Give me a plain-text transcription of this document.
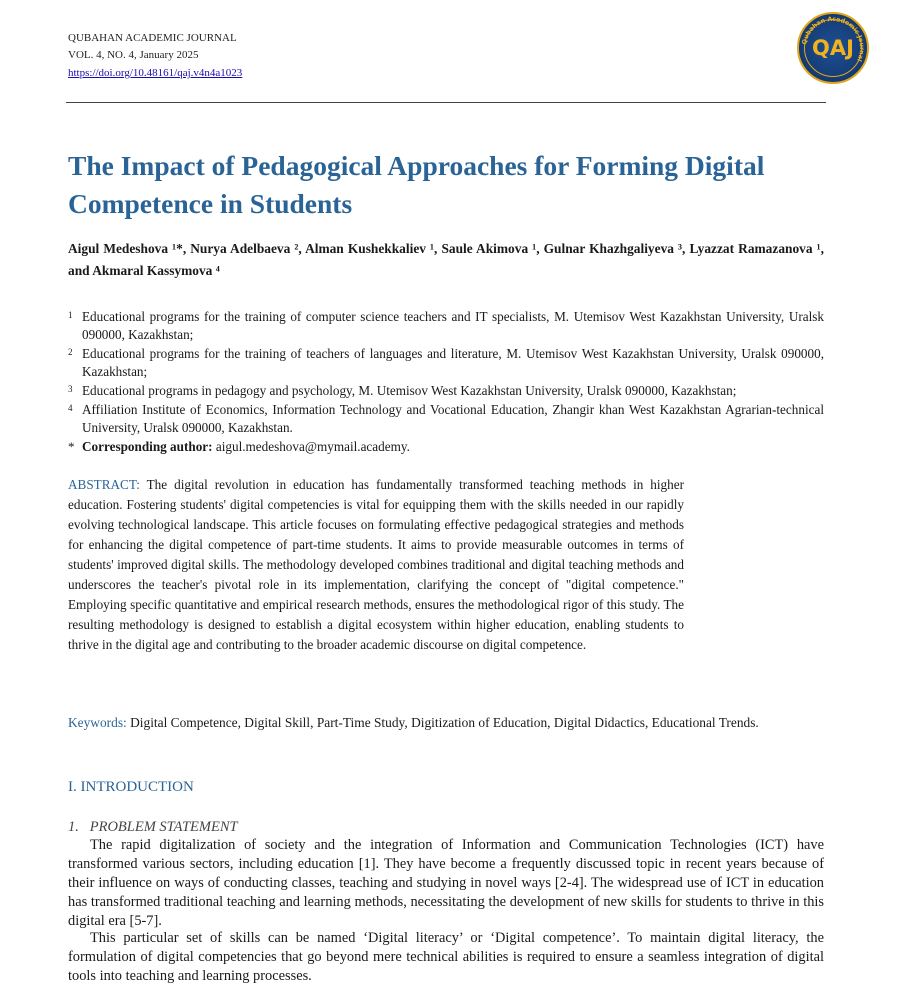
QUBAHAN ACADEMIC JOURNAL
VOL. 4, NO. 4, January 2025
https://doi.org/10.48161/qaj.v4n4a1023
Qubahan Academic Journal
QAJ
The Impact of Pedagogical Approaches for Forming Digital Competence in Students
Aigul Medeshova ¹*, Nurya Adelbaeva ², Alman Kushekkaliev ¹, Saule Akimova ¹, Gulnar Khazhgaliyeva ³, Lyazzat Ramazanova ¹, and Akmaral Kassymova ⁴
1 Educational programs for the training of computer science teachers and IT specialists, M. Utemisov West Kazakhstan University, Uralsk 090000, Kazakhstan;
2 Educational programs for the training of teachers of languages and literature, M. Utemisov West Kazakhstan University, Uralsk 090000, Kazakhstan;
3 Educational programs in pedagogy and psychology, M. Utemisov West Kazakhstan University, Uralsk 090000, Kazakhstan;
4 Affiliation Institute of Economics, Information Technology and Vocational Education, Zhangir khan West Kazakhstan Agrarian-technical University, Uralsk 090000, Kazakhstan.
* Corresponding author: aigul.medeshova@mymail.academy.
ABSTRACT: The digital revolution in education has fundamentally transformed teaching methods in higher education. Fostering students' digital competencies is vital for equipping them with the skills needed in our rapidly evolving technological landscape. This article focuses on formulating effective pedagogical strategies and methods for enhancing the digital competence of part-time students. It aims to provide measurable outcomes in terms of students' improved digital skills. The methodology developed combines traditional and digital teaching methods and underscores the teacher's pivotal role in its implementation, clarifying the concept of "digital competence." Employing specific quantitative and empirical research methods, ensures the methodological rigor of this study. The resulting methodology is designed to establish a digital ecosystem within higher education, enabling students to thrive in the digital age and contributing to the broader academic discourse on digital competence.
Keywords: Digital Competence, Digital Skill, Part-Time Study, Digitization of Education, Digital Didactics, Educational Trends.
I. INTRODUCTION
1.   PROBLEM STATEMENT
The rapid digitalization of society and the integration of Information and Communication Technologies (ICT) have transformed various sectors, including education [1]. They have become a frequently discussed topic in recent years because of their influence on ways of conducting classes, teaching and studying in novel ways [2-4]. The widespread use of ICT in education has transformed traditional teaching and learning methods, necessitating the development of new skills for students to thrive in this digital era [5-7].
This particular set of skills can be named ‘Digital literacy’ or ‘Digital competence’. To maintain digital literacy, the formulation of digital competencies that go beyond mere technical abilities is required to ensure a seamless integration of digital tools into teaching and learning processes.
